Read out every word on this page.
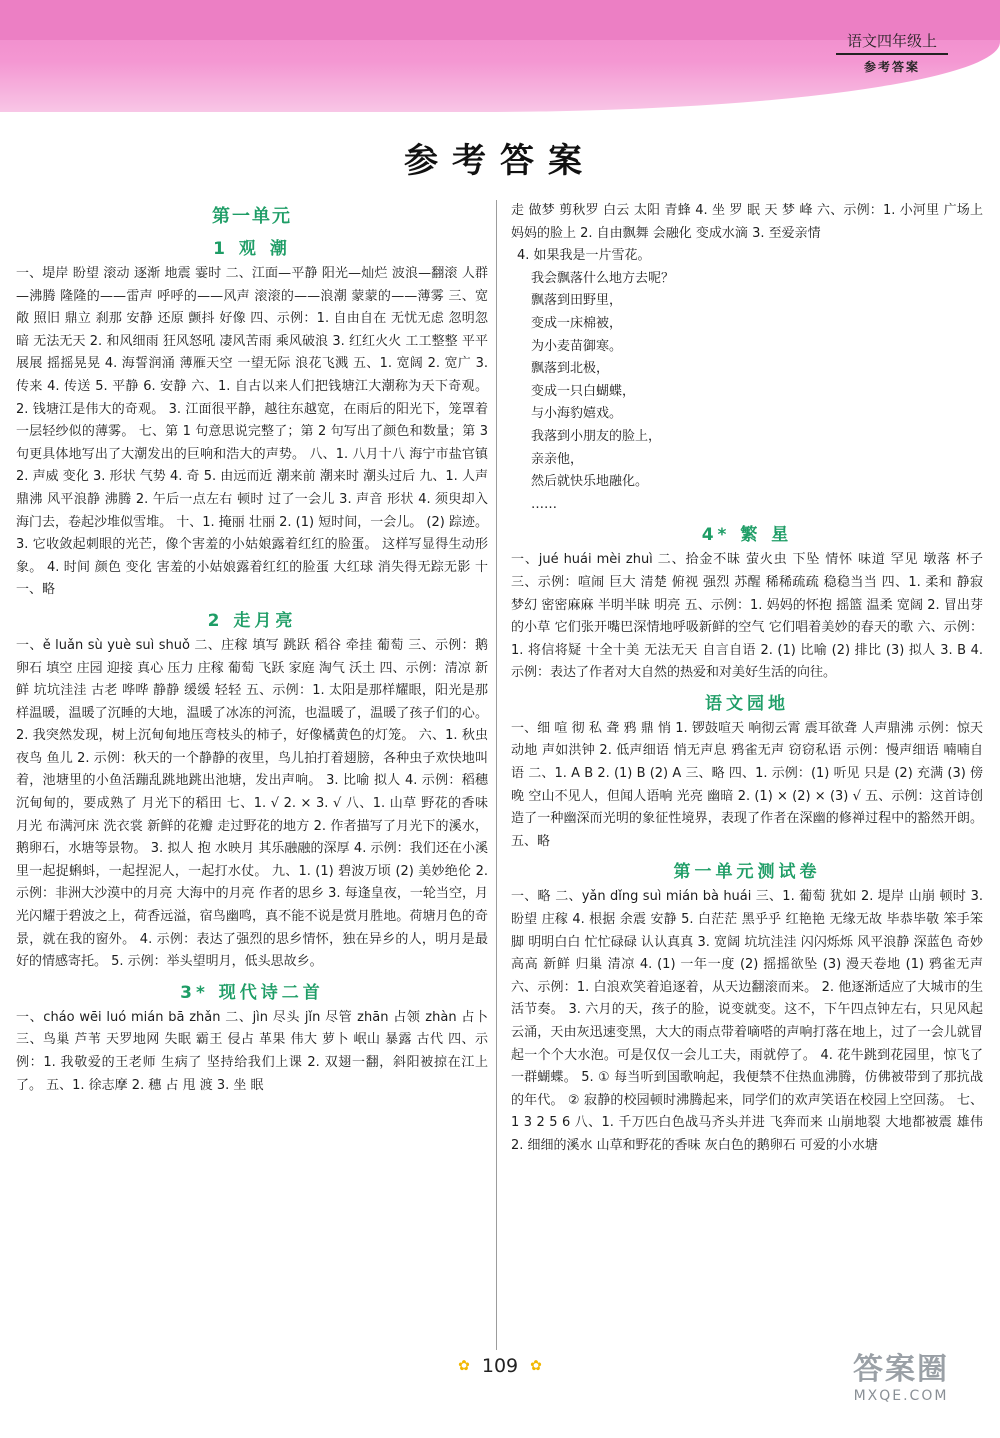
语文四年级上
参考答案
参考答案
第一单元
1 观 潮

一、堤岸 盼望 滚动 逐渐 地震 霎时 二、江面—平静 阳光—灿烂 波浪—翻滚 人群—沸腾 隆隆的——雷声 呼呼的——风声 滚滚的——浪潮 蒙蒙的——薄雾 三、宽敞 照旧 鼎立 刹那 安静 还原 颤抖 好像 四、示例：1. 自由自在 无忧无虑 忽明忽暗 无法无天 2. 和风细雨 狂风怒吼 凄风苦雨 乘风破浪 3. 红红火火 工工整整 平平展展 摇摇晃晃 4. 海誓润涌 薄雁天空 一望无际 浪花飞溅 五、1. 宽阔 2. 宽广 3. 传来 4. 传送 5. 平静 6. 安静 六、1. 自古以来人们把钱塘江大潮称为天下奇观。 2. 钱塘江是伟大的奇观。 3. 江面很平静，越往东越宽，在雨后的阳光下，笼罩着一层轻纱似的薄雾。 七、第 1 句意思说完整了；第 2 句写出了颜色和数量；第 3 句更具体地写出了大潮发出的巨响和浩大的声势。 八、1. 八月十八 海宁市盐官镇 2. 声威 变化 3. 形状 气势 4. 奇 5. 由远而近 潮来前 潮来时 潮头过后 九、1. 人声鼎沸 风平浪静 沸腾 2. 午后一点左右 顿时 过了一会儿 3. 声音 形状 4. 须臾却入海门去，卷起沙堆似雪堆。 十、1. 掩丽 壮丽 2. (1) 短时间，一会儿。 (2) 踪迹。 3. 它收敛起刺眼的光芒，像个害羞的小姑娘露着红红的脸蛋。 这样写显得生动形象。 4. 时间 颜色 变化 害羞的小姑娘露着红红的脸蛋 大红球 消失得无踪无影 十一、略

2 走月亮

一、ě luǎn sù yuè suì shuǒ 二、庄稼 填写 跳跃 稻谷 牵挂 葡萄 三、示例：鹅卵石 填空 庄园 迎接 真心 压力 庄稼 葡萄 飞跃 家庭 淘气 沃土 四、示例：清凉 新鲜 坑坑洼洼 古老 哗哗 静静 缓缓 轻轻 五、示例：1. 太阳是那样耀眼，阳光是那样温暖，温暖了沉睡的大地，温暖了冰冻的河流，也温暖了，温暖了孩子们的心。 2. 我突然发现，树上沉甸甸地压弯枝头的柿子，好像橘黄色的灯笼。 六、1. 秋虫 夜鸟 鱼儿 2. 示例：秋天的一个静静的夜里，鸟儿拍打着翅膀，各种虫子欢快地叫着，池塘里的小鱼活蹦乱跳地跳出池塘，发出声响。 3. 比喻 拟人 4. 示例：稻穗沉甸甸的，要成熟了 月光下的稻田 七、1. √ 2. × 3. √ 八、1. 山草 野花的香味 月光 布满河床 洗衣裳 新鲜的花瓣 走过野花的地方 2. 作者描写了月光下的溪水，鹅卵石，水塘等景物。 3. 拟人 抱 水映月 其乐融融的深厚 4. 示例：我们还在小溪里一起捉蝌蚪，一起捏泥人，一起打水仗。 九、1. (1) 碧波万顷 (2) 美妙绝伦 2. 示例：非洲大沙漠中的月亮 大海中的月亮 作者的思乡 3. 每逢皇夜，一轮当空，月光闪耀于碧波之上，荷香远溢，宿鸟幽鸣，真不能不说是赏月胜地。荷塘月色的奇景，就在我的窗外。 4. 示例：表达了强烈的思乡情怀，独在异乡的人，明月是最好的情感寄托。 5. 示例：举头望明月，低头思故乡。

3* 现代诗二首

一、cháo wēi luó mián bā zhǎn 二、jìn 尽头 jǐn 尽管 zhān 占领 zhàn 占卜 三、鸟巢 芦苇 天罗地网 失眠 霸王 侵占 革果 伟大 萝卜 岷山 暴露 古代 四、示例：1. 我敬爱的王老师 生病了 坚持给我们上课 2. 双翅一翻，斜阳被掠在江上了。 五、1. 徐志摩 2. 穗 占 甩 渡 3. 坐 眠

走 做梦 剪秋罗 白云 太阳 青蜂 4. 坐 罗 眠 天 梦 峰 六、示例：1. 小河里 广场上 妈妈的脸上 2. 自由飘舞 会融化 变成水滴 3. 至爱亲情

4. 如果我是一片雪花。

我会飘落什么地方去呢？

飘落到田野里，

变成一床棉被，

为小麦苗御寒。

飘落到北极，

变成一只白蝴蝶，

与小海豹嬉戏。

我落到小朋友的脸上，

亲亲他，

然后就快乐地融化。

……

4* 繁 星

一、jué huái mèi zhuì 二、拾金不昧 萤火虫 下坠 情怀 味道 罕见 墩落 杯子 三、示例：喧闹 巨大 清楚 俯视 强烈 苏醒 稀稀疏疏 稳稳当当 四、1. 柔和 静寂 梦幻 密密麻麻 半明半昧 明亮 五、示例：1. 妈妈的怀抱 摇篮 温柔 宽阔 2. 冒出芽的小草 它们张开嘴巴深情地呼吸新鲜的空气 它们唱着美妙的春天的歌 六、示例：1. 将信将疑 十全十美 无法无天 自言自语 2. (1) 比喻 (2) 排比 (3) 拟人 3. B 4. 示例：表达了作者对大自然的热爱和对美好生活的向往。

语文园地

一、细 喧 彻 私 聋 鸦 鼎 悄 1. 锣鼓喧天 响彻云霄 震耳欲聋 人声鼎沸 示例：惊天动地 声如洪钟 2. 低声细语 悄无声息 鸦雀无声 窃窃私语 示例：慢声细语 喃喃自语 二、1. A B 2. (1) B (2) A 三、略 四、1. 示例：(1) 听见 只是 (2) 充满 (3) 傍晚 空山不见人，但闻人语响 光亮 幽暗 2. (1) × (2) × (3) √ 五、示例：这首诗创造了一种幽深而光明的象征性境界，表现了作者在深幽的修禅过程中的豁然开朗。 五、略

第一单元测试卷

一、略 二、yǎn dǐng suì mián bà huái 三、1. 葡萄 犹如 2. 堤岸 山崩 顿时 3. 盼望 庄稼 4. 根据 余震 安静 5. 白茫茫 黑乎乎 红艳艳 无缘无故 毕恭毕敬 笨手笨脚 明明白白 忙忙碌碌 认认真真 3. 宽阔 坑坑洼洼 闪闪烁烁 风平浪静 深蓝色 奇妙 高高 新鲜 归巢 清凉 4. (1) 一年一度 (2) 摇摇欲坠 (3) 漫天卷地 (1) 鸦雀无声 六、示例：1. 白浪欢笑着追逐着，从天边翻滚而来。 2. 他逐渐适应了大城市的生活节奏。 3. 六月的天，孩子的脸，说变就变。这不，下午四点钟左右，只见风起云涌，天由灰迅速变黑，大大的雨点带着嘀嗒的声响打落在地上，过了一会儿就冒起一个个大水泡。可是仅仅一会儿工夫，雨就停了。 4. 花牛跳到花园里，惊飞了一群蝴蝶。 5. ① 每当听到国歌响起，我便禁不住热血沸腾，仿佛被带到了那抗战的年代。 ② 寂静的校园顿时沸腾起来，同学们的欢声笑语在校园上空回荡。 七、1 3 2 5 6 八、1. 千万匹白色战马齐头并进 飞奔而来 山崩地裂 大地都被震 雄伟 2. 细细的溪水 山草和野花的香味 灰白色的鹅卵石 可爱的小水塘

✿ 109 ✿	答案圈
MXQE.COM
